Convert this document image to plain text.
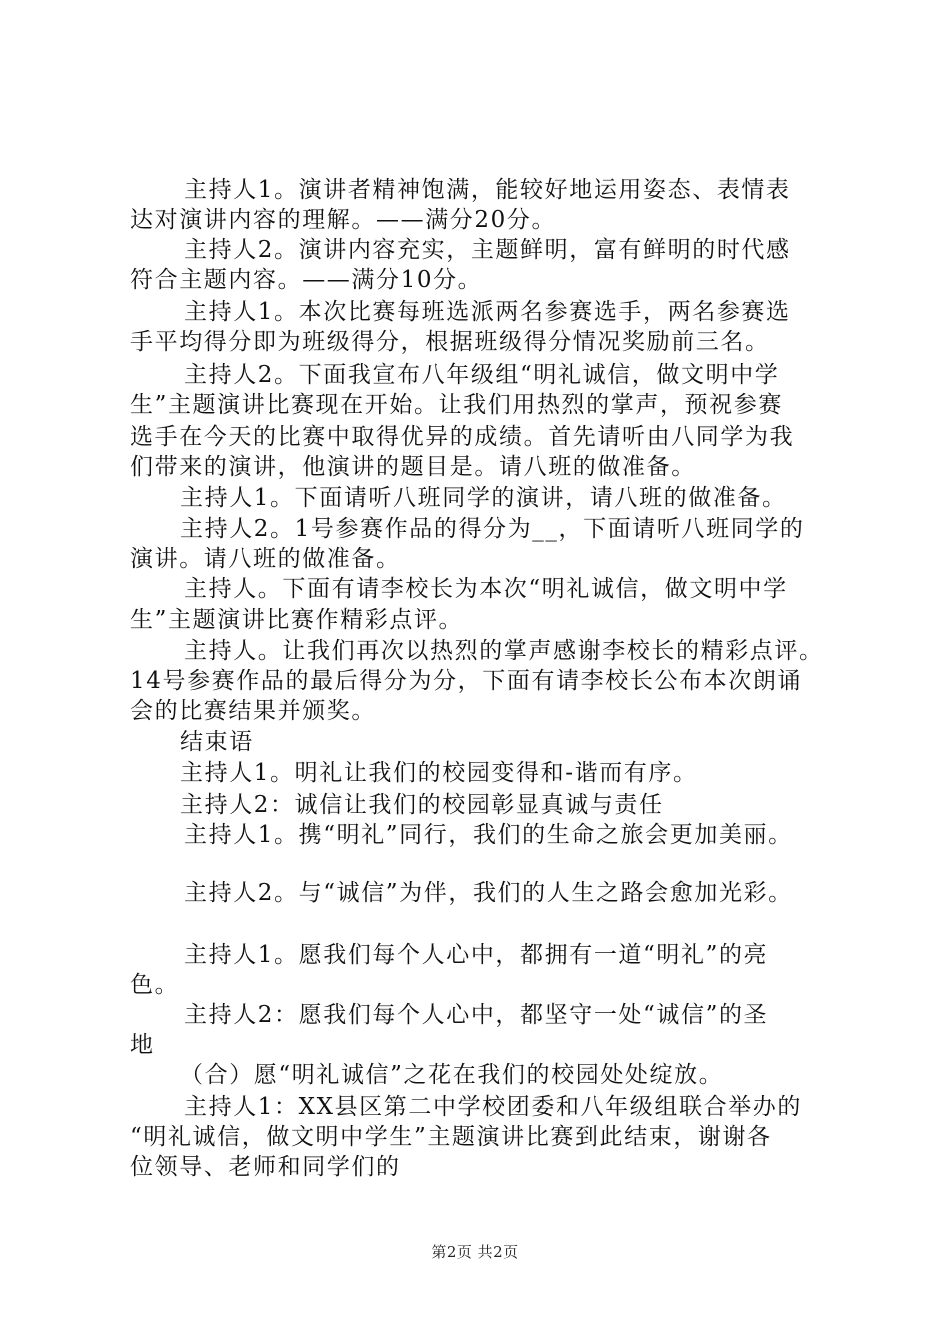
主持人1。演讲者精神饱满，能较好地运用姿态、表情表
达对演讲内容的理解。——满分20分。
主持人2。演讲内容充实，主题鲜明，富有鲜明的时代感
符合主题内容。——满分10分。
主持人1。本次比赛每班选派两名参赛选手，两名参赛选
手平均得分即为班级得分，根据班级得分情况奖励前三名。
主持人2。下面我宣布八年级组“明礼诚信，做文明中学
生”主题演讲比赛现在开始。让我们用热烈的掌声，预祝参赛
选手在今天的比赛中取得优异的成绩。首先请听由八同学为我
们带来的演讲，他演讲的题目是。请八班的做准备。
主持人1。下面请听八班同学的演讲，请八班的做准备。
主持人2。1号参赛作品的得分为__，下面请听八班同学的
演讲。请八班的做准备。
主持人。下面有请李校长为本次“明礼诚信，做文明中学
生”主题演讲比赛作精彩点评。
主持人。让我们再次以热烈的掌声感谢李校长的精彩点评。
14号参赛作品的最后得分为分，下面有请李校长公布本次朗诵
会的比赛结果并颁奖。
结束语
主持人1。明礼让我们的校园变得和-谐而有序。
主持人2：诚信让我们的校园彰显真诚与责任
主持人1。携“明礼”同行，我们的生命之旅会更加美丽。
主持人2。与“诚信”为伴，我们的人生之路会愈加光彩。
主持人1。愿我们每个人心中，都拥有一道“明礼”的亮
色。
主持人2：愿我们每个人心中，都坚守一处“诚信”的圣
地
（合）愿“明礼诚信”之花在我们的校园处处绽放。
主持人1：XX县区第二中学校团委和八年级组联合举办的
“明礼诚信，做文明中学生”主题演讲比赛到此结束，谢谢各
位领导、老师和同学们的
第2页 共2页
